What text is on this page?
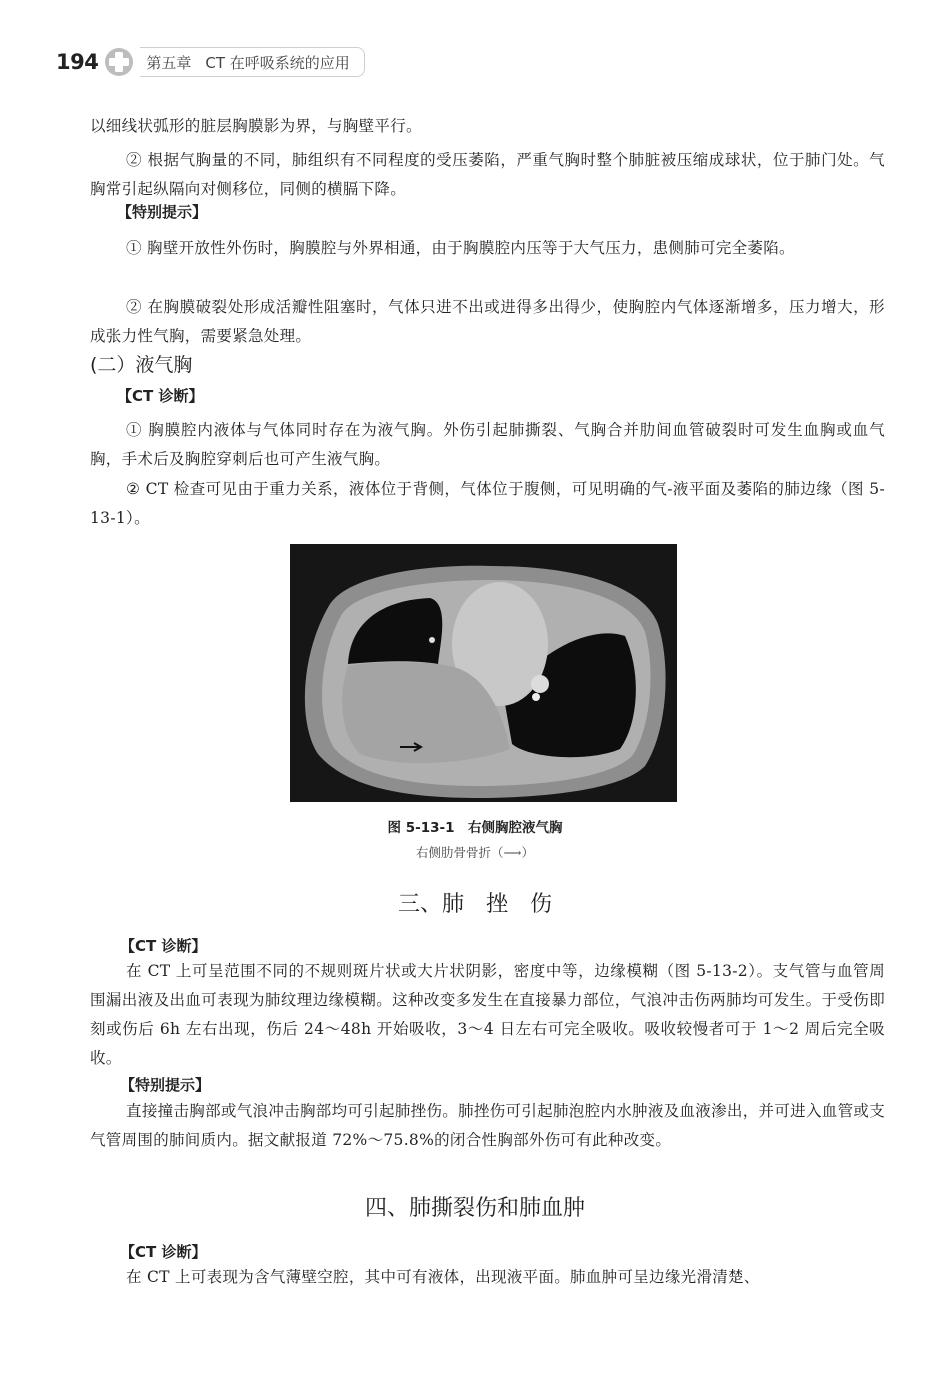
194	第五章 CT 在呼吸系统的应用
以细线状弧形的脏层胸膜影为界，与胸壁平行。
② 根据气胸量的不同，肺组织有不同程度的受压萎陷，严重气胸时整个肺脏被压缩成球状，位于肺门处。气胸常引起纵隔向对侧移位，同侧的横膈下降。
【特别提示】
① 胸壁开放性外伤时，胸膜腔与外界相通，由于胸膜腔内压等于大气压力，患侧肺可完全萎陷。
② 在胸膜破裂处形成活瓣性阻塞时，气体只进不出或进得多出得少，使胸腔内气体逐渐增多，压力增大，形成张力性气胸，需要紧急处理。
(二）液气胸
【CT 诊断】
① 胸膜腔内液体与气体同时存在为液气胸。外伤引起肺撕裂、气胸合并肋间血管破裂时可发生血胸或血气胸，手术后及胸腔穿刺后也可产生液气胸。
② CT 检查可见由于重力关系，液体位于背侧，气体位于腹侧，可见明确的气-液平面及萎陷的肺边缘（图 5-13-1）。
图 5-13-1　右侧胸腔液气胸
右侧肋骨骨折（⟶）
三、肺　挫　伤
【CT 诊断】
在 CT 上可呈范围不同的不规则斑片状或大片状阴影，密度中等，边缘模糊（图 5-13-2）。支气管与血管周围漏出液及出血可表现为肺纹理边缘模糊。这种改变多发生在直接暴力部位，气浪冲击伤两肺均可发生。于受伤即刻或伤后 6h 左右出现，伤后 24～48h 开始吸收，3～4 日左右可完全吸收。吸收较慢者可于 1～2 周后完全吸收。
【特别提示】
直接撞击胸部或气浪冲击胸部均可引起肺挫伤。肺挫伤可引起肺泡腔内水肿液及血液渗出，并可进入血管或支气管周围的肺间质内。据文献报道 72%～75.8%的闭合性胸部外伤可有此种改变。
四、肺撕裂伤和肺血肿
【CT 诊断】
在 CT 上可表现为含气薄壁空腔，其中可有液体，出现液平面。肺血肿可呈边缘光滑清楚、
